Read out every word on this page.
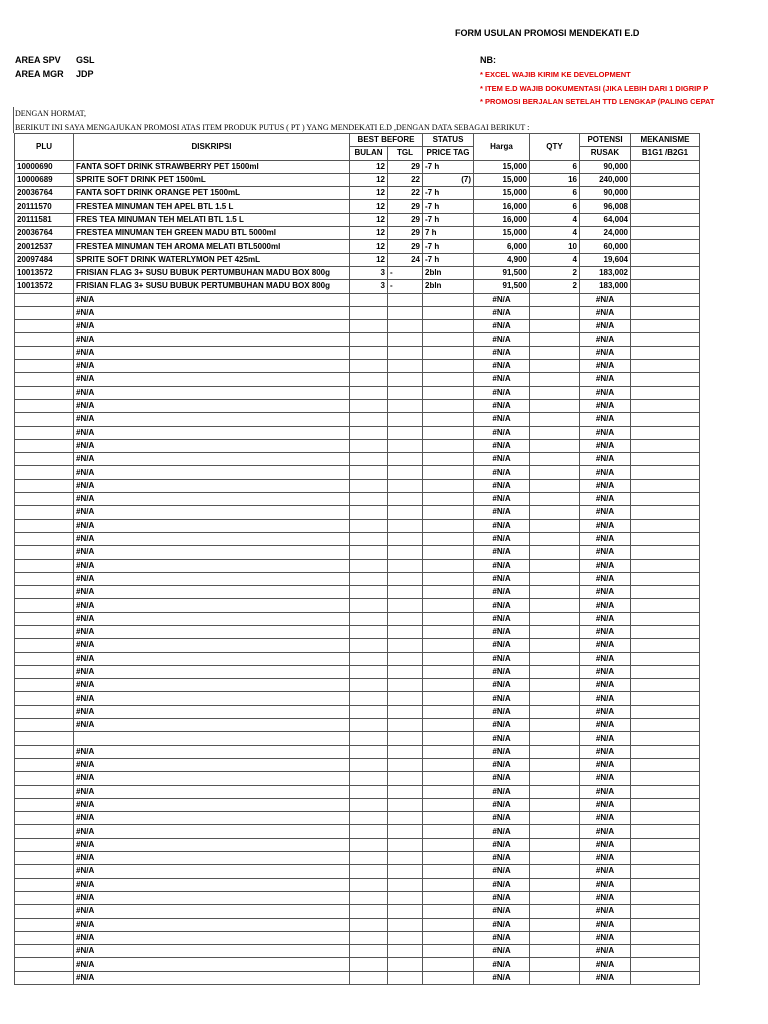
FORM USULAN PROMOSI MENDEKATI E.D
AREA SPV GSL
AREA MGR JDP
NB:
* EXCEL WAJIB KIRIM KE DEVELOPMENT
* ITEM E.D WAJIB DOKUMENTASI (JIKA LEBIH DARI 1 DIGRIP P
* PROMOSI BERJALAN SETELAH TTD LENGKAP (PALING CEPAT
DENGAN HORMAT,
BERIKUT INI SAYA MENGAJUKAN PROMOSI ATAS ITEM PRODUK PUTUS ( PT ) YANG MENDEKATI E.D ,DENGAN DATA SEBAGAI BERIKUT :
PLU	DISKRIPSI	BEST BEFORE		STATUS	Harga	QTY	POTENSI	MEKANISME
		BULAN	TGL	PRICE TAG			RUSAK	B1G1 /B2G1
10000690	FANTA SOFT DRINK STRAWBERRY PET 1500ml	12	29	-7 h	15,000	6	90,000	
10000689	SPRITE SOFT DRINK PET 1500mL	12	22	(7)	15,000	16	240,000	
20036764	FANTA SOFT DRINK ORANGE PET 1500mL	12	22	-7 h	15,000	6	90,000	
20111570	FRESTEA MINUMAN TEH APEL BTL 1.5 L	12	29	-7 h	16,000	6	96,008	
20111581	FRES TEA MINUMAN TEH MELATI BTL 1.5 L	12	29	-7 h	16,000	4	64,004	
20036764	FRESTEA MINUMAN TEH GREEN MADU BTL 5000ml	12	29	7 h	15,000	4	24,000	
20012537	FRESTEA MINUMAN TEH AROMA MELATI BTL5000ml	12	29	-7 h	6,000	10	60,000	
20097484	SPRITE SOFT DRINK WATERLYMON PET 425mL	12	24	-7 h	4,900	4	19,604	
10013572	FRISIAN FLAG 3+ SUSU BUBUK PERTUMBUHAN MADU BOX 800g	3	-	2bln	91,500	2	183,002	
10013572	FRISIAN FLAG 3+ SUSU BUBUK PERTUMBUHAN MADU BOX 800g	3	-	2bln	91,500	2	183,000	
	#N/A				#N/A		#N/A	
	#N/A				#N/A		#N/A	
	#N/A				#N/A		#N/A	
	#N/A				#N/A		#N/A	
	#N/A				#N/A		#N/A	
	#N/A				#N/A		#N/A	
	#N/A				#N/A		#N/A	
	#N/A				#N/A		#N/A	
	#N/A				#N/A		#N/A	
	#N/A				#N/A		#N/A	
	#N/A				#N/A		#N/A	
	#N/A				#N/A		#N/A	
	#N/A				#N/A		#N/A	
	#N/A				#N/A		#N/A	
	#N/A				#N/A		#N/A	
	#N/A				#N/A		#N/A	
	#N/A				#N/A		#N/A	
	#N/A				#N/A		#N/A	
	#N/A				#N/A		#N/A	
	#N/A				#N/A		#N/A	
	#N/A				#N/A		#N/A	
	#N/A				#N/A		#N/A	
	#N/A				#N/A		#N/A	
	#N/A				#N/A		#N/A	
	#N/A				#N/A		#N/A	
	#N/A				#N/A		#N/A	
	#N/A				#N/A		#N/A	
	#N/A				#N/A		#N/A	
	#N/A				#N/A		#N/A	
	#N/A				#N/A		#N/A	
	#N/A				#N/A		#N/A	
	#N/A				#N/A		#N/A	
	#N/A				#N/A		#N/A	
					#N/A		#N/A	
	#N/A				#N/A		#N/A	
	#N/A				#N/A		#N/A	
	#N/A				#N/A		#N/A	
	#N/A				#N/A		#N/A	
	#N/A				#N/A		#N/A	
	#N/A				#N/A		#N/A	
	#N/A				#N/A		#N/A	
	#N/A				#N/A		#N/A	
	#N/A				#N/A		#N/A	
	#N/A				#N/A		#N/A	
	#N/A				#N/A		#N/A	
	#N/A				#N/A		#N/A	
	#N/A				#N/A		#N/A	
	#N/A				#N/A		#N/A	
	#N/A				#N/A		#N/A	
	#N/A				#N/A		#N/A	
	#N/A				#N/A		#N/A	
	#N/A				#N/A		#N/A	
